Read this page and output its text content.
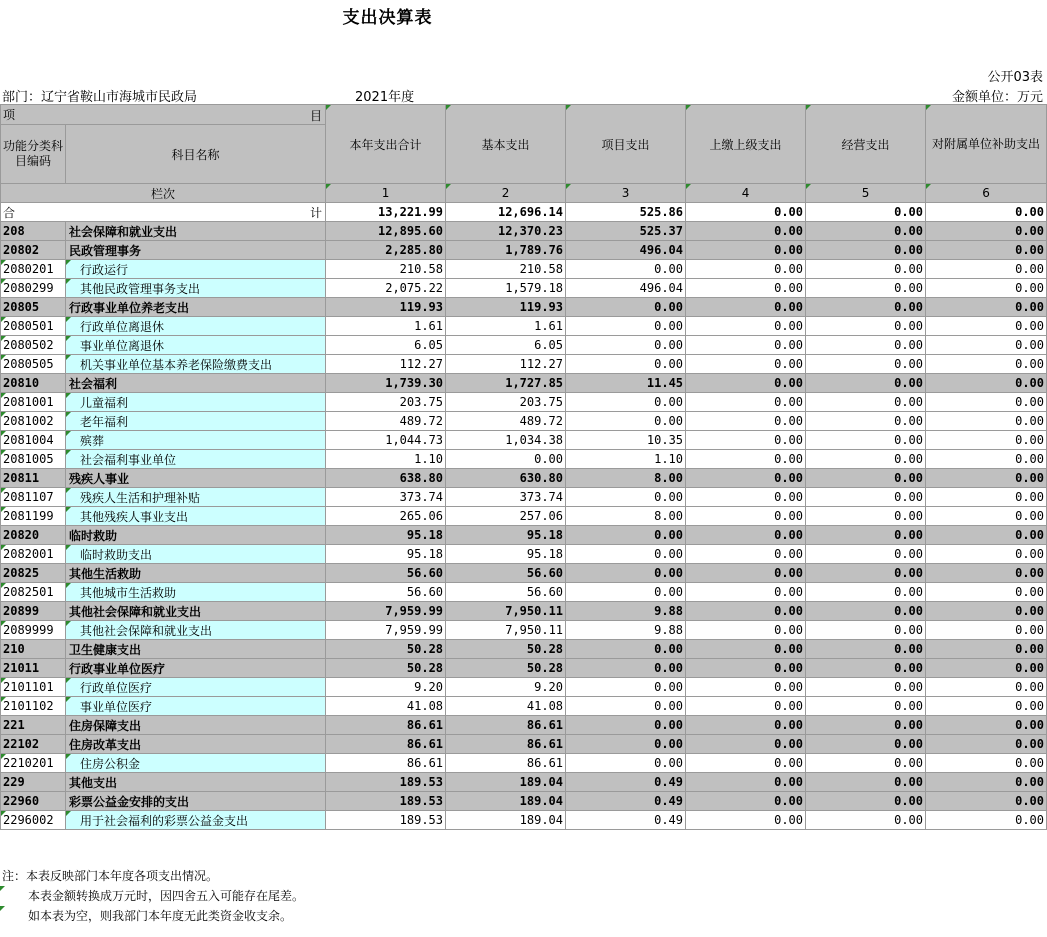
支出决算表
公开03表
部门：辽宁省鞍山市海城市民政局	2021年度	金额单位：万元
项 目		本年支出合计	基本支出	项目支出	上缴上级支出	经营支出	对附属单位补助支出
功能分类科目编码	科目名称						
栏次		1	2	3	4	5	6
合 计		13,221.99	12,696.14	525.86	0.00	0.00	0.00
208	社会保障和就业支出	12,895.60	12,370.23	525.37	0.00	0.00	0.00
20802	民政管理事务	2,285.80	1,789.76	496.04	0.00	0.00	0.00
2080201	行政运行	210.58	210.58	0.00	0.00	0.00	0.00
2080299	其他民政管理事务支出	2,075.22	1,579.18	496.04	0.00	0.00	0.00
20805	行政事业单位养老支出	119.93	119.93	0.00	0.00	0.00	0.00
2080501	行政单位离退休	1.61	1.61	0.00	0.00	0.00	0.00
2080502	事业单位离退休	6.05	6.05	0.00	0.00	0.00	0.00
2080505	机关事业单位基本养老保险缴费支出	112.27	112.27	0.00	0.00	0.00	0.00
20810	社会福利	1,739.30	1,727.85	11.45	0.00	0.00	0.00
2081001	儿童福利	203.75	203.75	0.00	0.00	0.00	0.00
2081002	老年福利	489.72	489.72	0.00	0.00	0.00	0.00
2081004	殡葬	1,044.73	1,034.38	10.35	0.00	0.00	0.00
2081005	社会福利事业单位	1.10	0.00	1.10	0.00	0.00	0.00
20811	残疾人事业	638.80	630.80	8.00	0.00	0.00	0.00
2081107	残疾人生活和护理补贴	373.74	373.74	0.00	0.00	0.00	0.00
2081199	其他残疾人事业支出	265.06	257.06	8.00	0.00	0.00	0.00
20820	临时救助	95.18	95.18	0.00	0.00	0.00	0.00
2082001	临时救助支出	95.18	95.18	0.00	0.00	0.00	0.00
20825	其他生活救助	56.60	56.60	0.00	0.00	0.00	0.00
2082501	其他城市生活救助	56.60	56.60	0.00	0.00	0.00	0.00
20899	其他社会保障和就业支出	7,959.99	7,950.11	9.88	0.00	0.00	0.00
2089999	其他社会保障和就业支出	7,959.99	7,950.11	9.88	0.00	0.00	0.00
210	卫生健康支出	50.28	50.28	0.00	0.00	0.00	0.00
21011	行政事业单位医疗	50.28	50.28	0.00	0.00	0.00	0.00
2101101	行政单位医疗	9.20	9.20	0.00	0.00	0.00	0.00
2101102	事业单位医疗	41.08	41.08	0.00	0.00	0.00	0.00
221	住房保障支出	86.61	86.61	0.00	0.00	0.00	0.00
22102	住房改革支出	86.61	86.61	0.00	0.00	0.00	0.00
2210201	住房公积金	86.61	86.61	0.00	0.00	0.00	0.00
229	其他支出	189.53	189.04	0.49	0.00	0.00	0.00
22960	彩票公益金安排的支出	189.53	189.04	0.49	0.00	0.00	0.00
2296002	用于社会福利的彩票公益金支出	189.53	189.04	0.49	0.00	0.00	0.00
注：本表反映部门本年度各项支出情况。
本表金额转换成万元时，因四舍五入可能存在尾差。
如本表为空，则我部门本年度无此类资金收支余。
